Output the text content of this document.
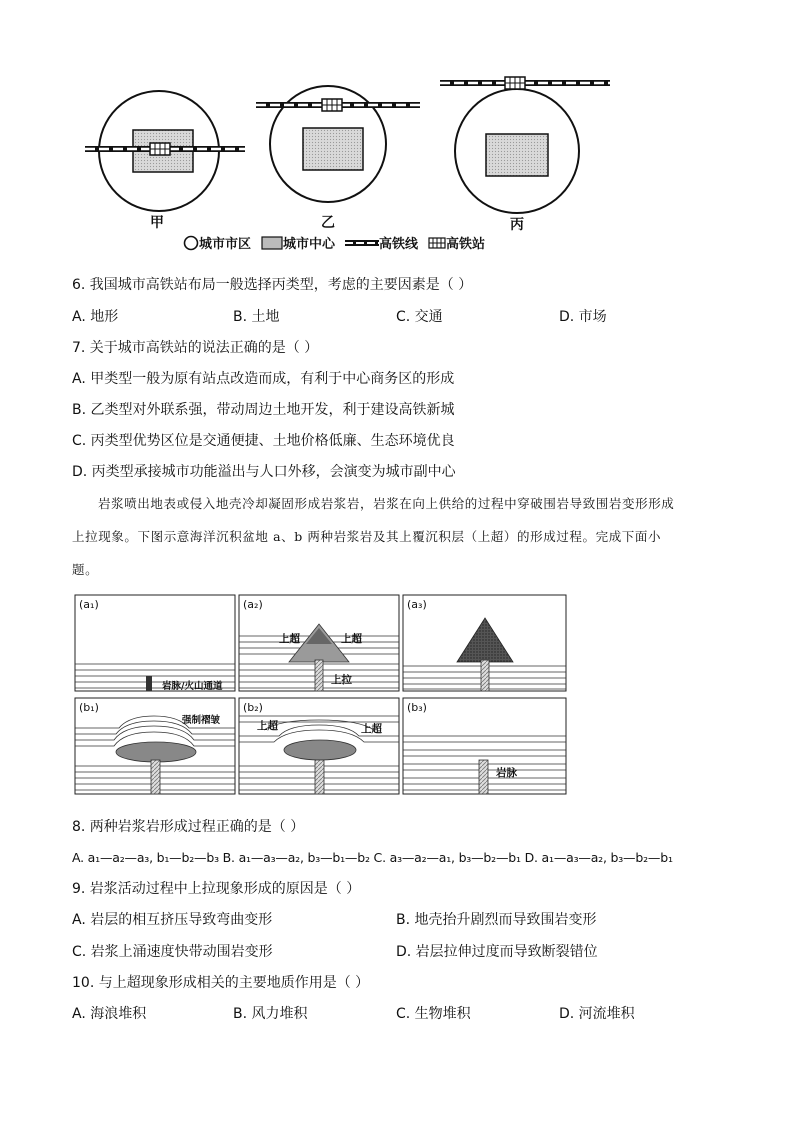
甲	乙	丙
城市市区 城市中心	高铁线 高铁站
6. 我国城市高铁站布局一般选择丙类型，考虑的主要因素是（ ）
A. 地形	B. 土地	C. 交通	D. 市场
7. 关于城市高铁站的说法正确的是（ ）
A. 甲类型一般为原有站点改造而成，有利于中心商务区的形成
B. 乙类型对外联系强，带动周边土地开发，利于建设高铁新城
C. 丙类型优势区位是交通便捷、土地价格低廉、生态环境优良
D. 丙类型承接城市功能溢出与人口外移，会演变为城市副中心
岩浆喷出地表或侵入地壳冷却凝固形成岩浆岩，岩浆在向上供给的过程中穿破围岩导致围岩变形形成
上拉现象。下图示意海洋沉积盆地 a、b 两种岩浆岩及其上覆沉积层（上超）的形成过程。完成下面小
题。
(a₁)	(a₂)	(a₃)
(b₁)	(b₂)	(b₃)
岩脉/火山通道
上超	上超
上拉
强制褶皱	上超	上超
岩脉
8. 两种岩浆岩形成过程正确的是（ ）
A. a₁—a₂—a₃, b₁—b₂—b₃ B. a₁—a₃—a₂, b₃—b₁—b₂ C. a₃—a₂—a₁, b₃—b₂—b₁ D. a₁—a₃—a₂, b₃—b₂—b₁
9. 岩浆活动过程中上拉现象形成的原因是（ ）
A. 岩层的相互挤压导致弯曲变形	B. 地壳抬升剧烈而导致围岩变形
C. 岩浆上涌速度快带动围岩变形	D. 岩层拉伸过度而导致断裂错位
10. 与上超现象形成相关的主要地质作用是（ ）
A. 海浪堆积	B. 风力堆积	C. 生物堆积	D. 河流堆积
